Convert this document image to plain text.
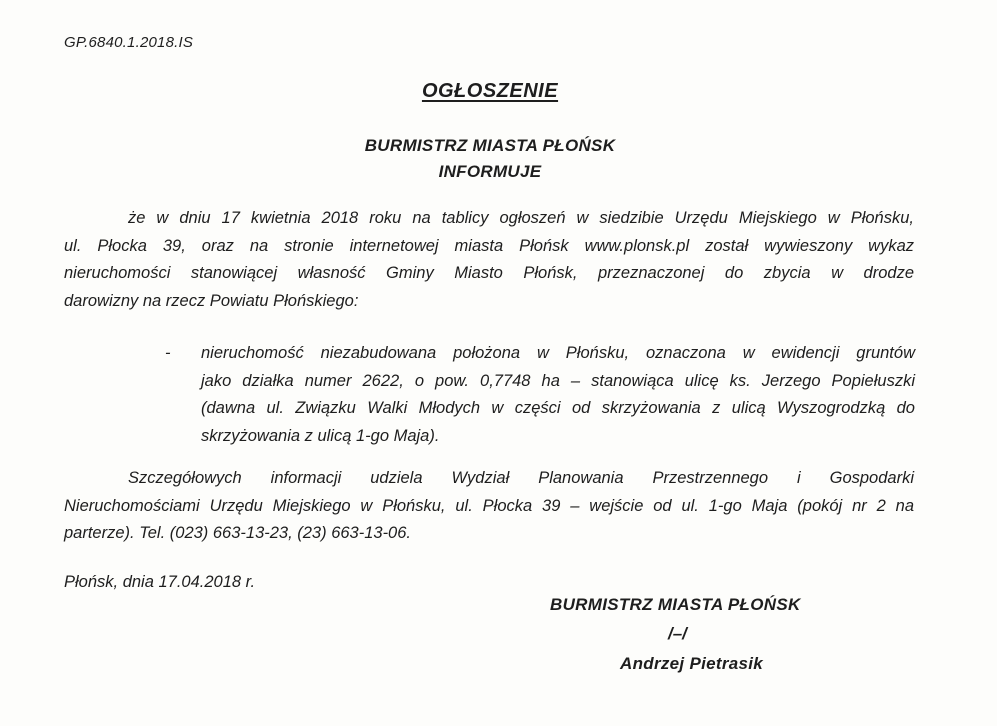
GP.6840.1.2018.IS
OGŁOSZENIE
BURMISTRZ MIASTA PŁOŃSK
INFORMUJE
że w dniu 17 kwietnia 2018 roku na tablicy ogłoszeń w siedzibie Urzędu Miejskiego w Płońsku,
ul. Płocka 39, oraz na stronie internetowej miasta Płońsk www.plonsk.pl został wywieszony wykaz
nieruchomości stanowiącej własność Gminy Miasto Płońsk, przeznaczonej do zbycia w drodze
darowizny na rzecz Powiatu Płońskiego:
- nieruchomość niezabudowana położona w Płońsku, oznaczona w ewidencji gruntów
jako działka numer 2622, o pow. 0,7748 ha – stanowiąca ulicę ks. Jerzego Popiełuszki
(dawna ul. Związku Walki Młodych w części od skrzyżowania z ulicą Wyszogrodzką do
skrzyżowania z ulicą 1-go Maja).
Szczegółowych informacji udziela Wydział Planowania Przestrzennego i Gospodarki
Nieruchomościami Urzędu Miejskiego w Płońsku, ul. Płocka 39 – wejście od ul. 1-go Maja (pokój nr 2 na
parterze). Tel. (023) 663-13-23, (23) 663-13-06.
Płońsk, dnia 17.04.2018 r.
BURMISTRZ MIASTA PŁOŃSK
/–/
Andrzej Pietrasik
